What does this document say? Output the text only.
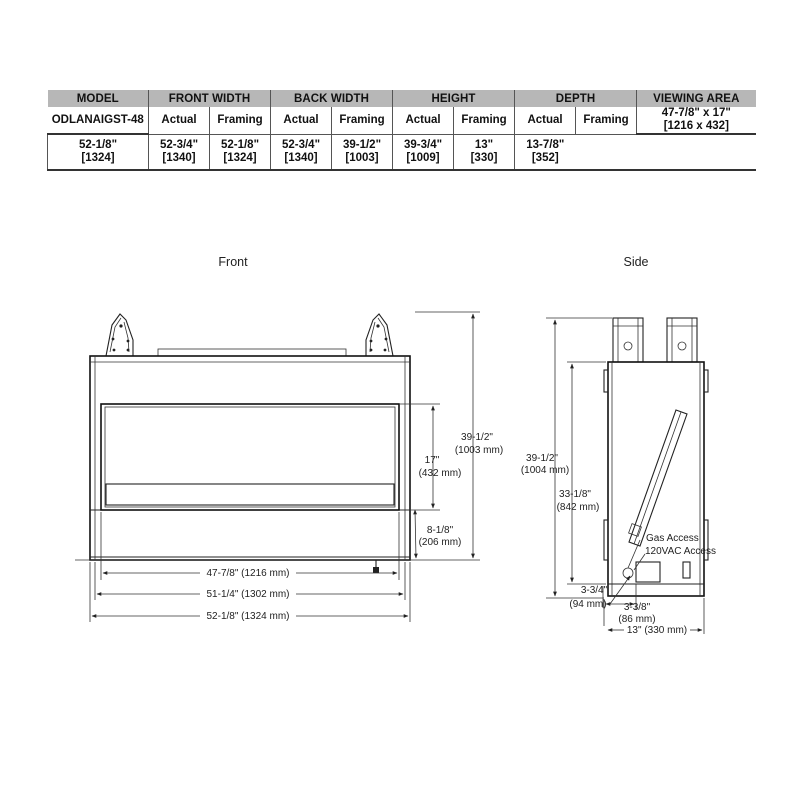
MODEL	FRONT WIDTH		BACK WIDTH		HEIGHT		DEPTH		VIEWING AREA
ODLANAIGST-48	Actual	Framing	Actual	Framing	Actual	Framing	Actual	Framing	47-7/8" x 17"
[1216 x 432]

52-1/8"
[1324]	52-3/4"
[1340]	52-1/8"
[1324]	52-3/4"
[1340]	39-1/2"
[1003]	39-3/4"
[1009]	13"
[330]	13-7/8"
[352]		
Front
39-1/2"
(1003 mm)
17"
(432 mm)
8-1/8"
(206 mm)
47-7/8" (1216 mm)
51-1/4" (1302 mm)
52-1/8" (1324 mm)
Side
Gas Access
120VAC Access
39-1/2"
(1004 mm)
33-1/8"
(842 mm)
3-3/4"
(94 mm) 3-3/8"
(86 mm)
13" (330 mm)
